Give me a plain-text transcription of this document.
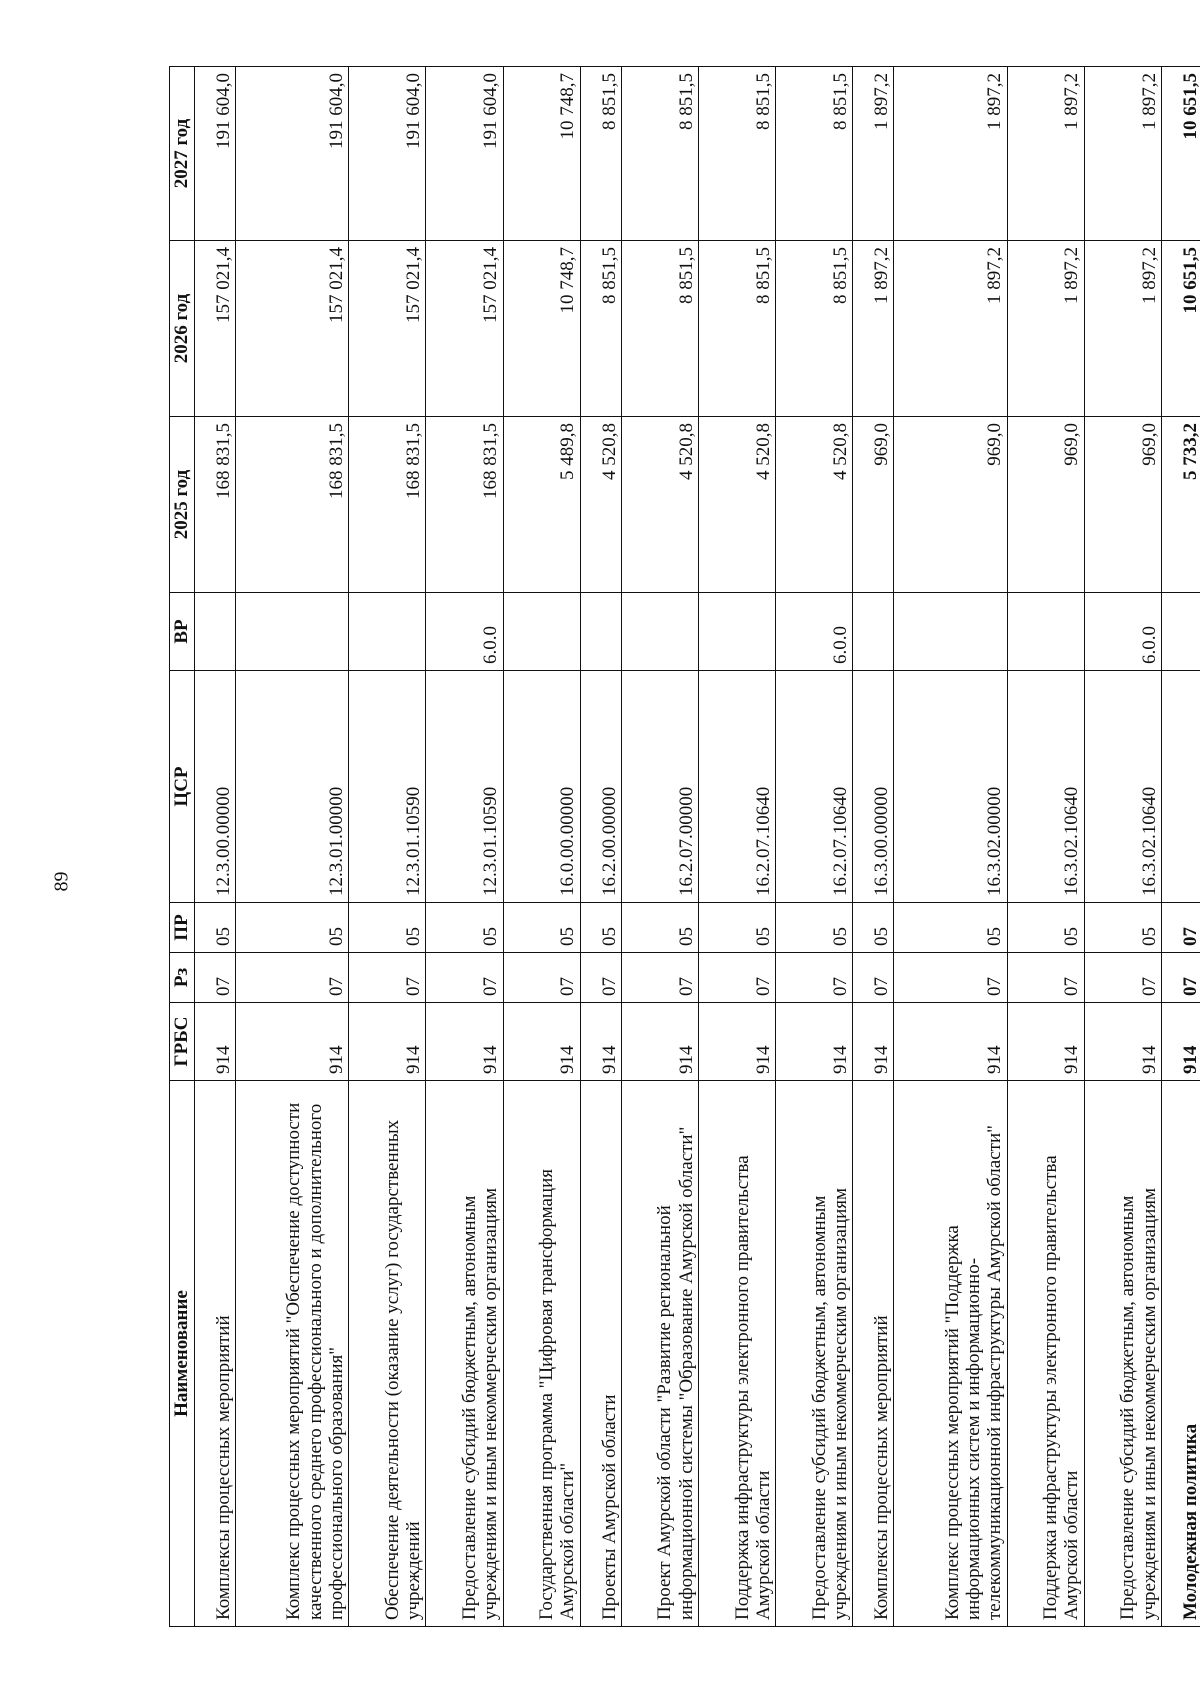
89
Наименование	ГРБС	Рз	ПР	ЦСР	ВР	2025 год	2026 год	2027 год
Комплексы процессных мероприятий	914	07	05	12.3.00.00000		168 831,5	157 021,4	191 604,0
Комплекс процессных мероприятий "Обеспечение доступности качественного среднего профессионального и дополнительного профессионального образования"	914	07	05	12.3.01.00000		168 831,5	157 021,4	191 604,0
Обеспечение деятельности (оказание услуг) государственных учреждений	914	07	05	12.3.01.10590		168 831,5	157 021,4	191 604,0
Предоставление субсидий бюджетным, автономным учреждениям и иным некоммерческим организациям	914	07	05	12.3.01.10590	6.0.0	168 831,5	157 021,4	191 604,0
Государственная программа "Цифровая трансформация Амурской области"	914	07	05	16.0.00.00000		5 489,8	10 748,7	10 748,7
Проекты Амурской области	914	07	05	16.2.00.00000		4 520,8	8 851,5	8 851,5
Проект Амурской области "Развитие региональной информационной системы "Образование Амурской области"	914	07	05	16.2.07.00000		4 520,8	8 851,5	8 851,5
Поддержка инфраструктуры электронного правительства Амурской области	914	07	05	16.2.07.10640		4 520,8	8 851,5	8 851,5
Предоставление субсидий бюджетным, автономным учреждениям и иным некоммерческим организациям	914	07	05	16.2.07.10640	6.0.0	4 520,8	8 851,5	8 851,5
Комплексы процессных мероприятий	914	07	05	16.3.00.00000		969,0	1 897,2	1 897,2
Комплекс процессных мероприятий "Поддержка информационных систем и информационно-телекоммуникационной инфраструктуры Амурской области"	914	07	05	16.3.02.00000		969,0	1 897,2	1 897,2
Поддержка инфраструктуры электронного правительства Амурской области	914	07	05	16.3.02.10640		969,0	1 897,2	1 897,2
Предоставление субсидий бюджетным, автономным учреждениям и иным некоммерческим организациям	914	07	05	16.3.02.10640	6.0.0	969,0	1 897,2	1 897,2
Молодежная политика	914	07	07			5 733,2	10 651,5	10 651,5
